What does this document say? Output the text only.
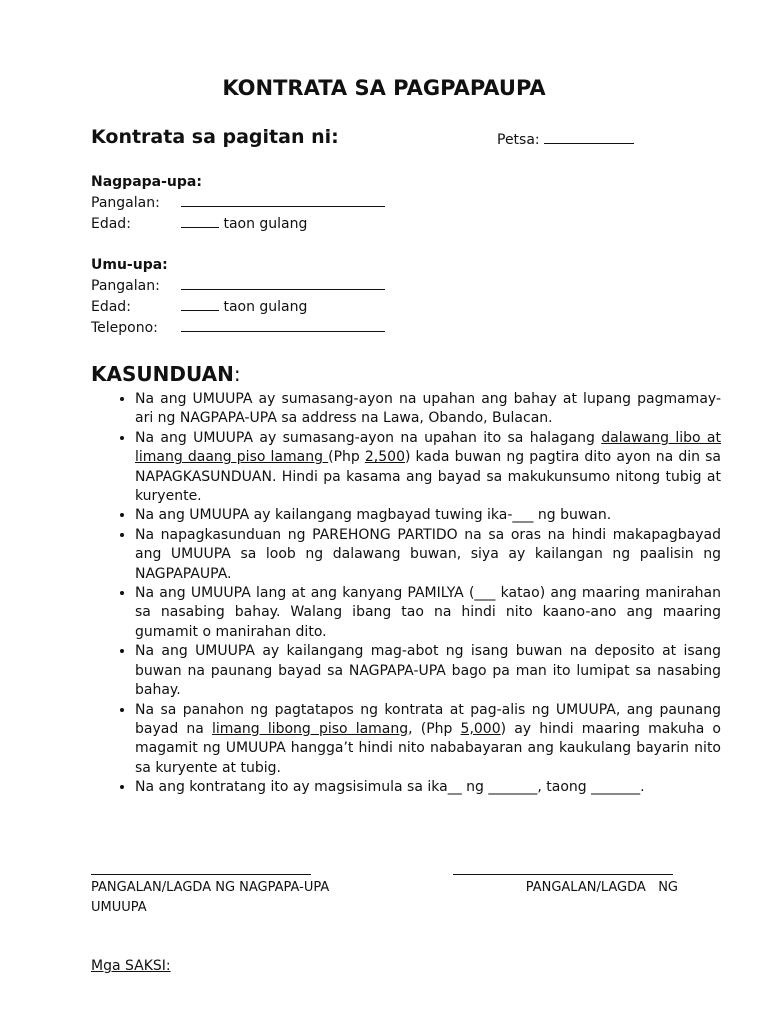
KONTRATA SA PAGPAPAUPA
Kontrata sa pagitan ni:	Petsa:
Nagpapa-upa:
Pangalan:
Edad:	taon gulang
Umu-upa:
Pangalan:
Edad:	taon gulang
Telepono:
KASUNDUAN:
• Na ang UMUUPA ay sumasang-ayon na upahan ang bahay at lupang pagmamay-ari ng NAGPAPA-UPA sa address na Lawa, Obando, Bulacan.
• Na ang UMUUPA ay sumasang-ayon na upahan ito sa halagang dalawang libo at limang daang piso lamang (Php 2,500) kada buwan ng pagtira dito ayon na din sa NAPAGKASUNDUAN. Hindi pa kasama ang bayad sa makukunsumo nitong tubig at kuryente.
• Na ang UMUUPA ay kailangang magbayad tuwing ika-___ ng buwan.
• Na napagkasunduan ng PAREHONG PARTIDO na sa oras na hindi makapagbayad ang UMUUPA sa loob ng dalawang buwan, siya ay kailangan ng paalisin ng NAGPAPAUPA.
• Na ang UMUUPA lang at ang kanyang PAMILYA (___ katao) ang maaring manirahan sa nasabing bahay. Walang ibang tao na hindi nito kaano-ano ang maaring gumamit o manirahan dito.
• Na ang UMUUPA ay kailangang mag-abot ng isang buwan na deposito at isang buwan na paunang bayad sa NAGPAPA-UPA bago pa man ito lumipat sa nasabing bahay.
• Na sa panahon ng pagtatapos ng kontrata at pag-alis ng UMUUPA, ang paunang bayad na limang libong piso lamang, (Php 5,000) ay hindi maaring makuha o magamit ng UMUUPA hangga’t hindi nito nababayaran ang kaukulang bayarin nito sa kuryente at tubig.
• Na ang kontratang ito ay magsisimula sa ika__ ng _______, taong _______.
PANGALAN/LAGDA NG NAGPAPA-UPA
UMUUPA
PANGALAN/LAGDA   NG
Mga SAKSI:
